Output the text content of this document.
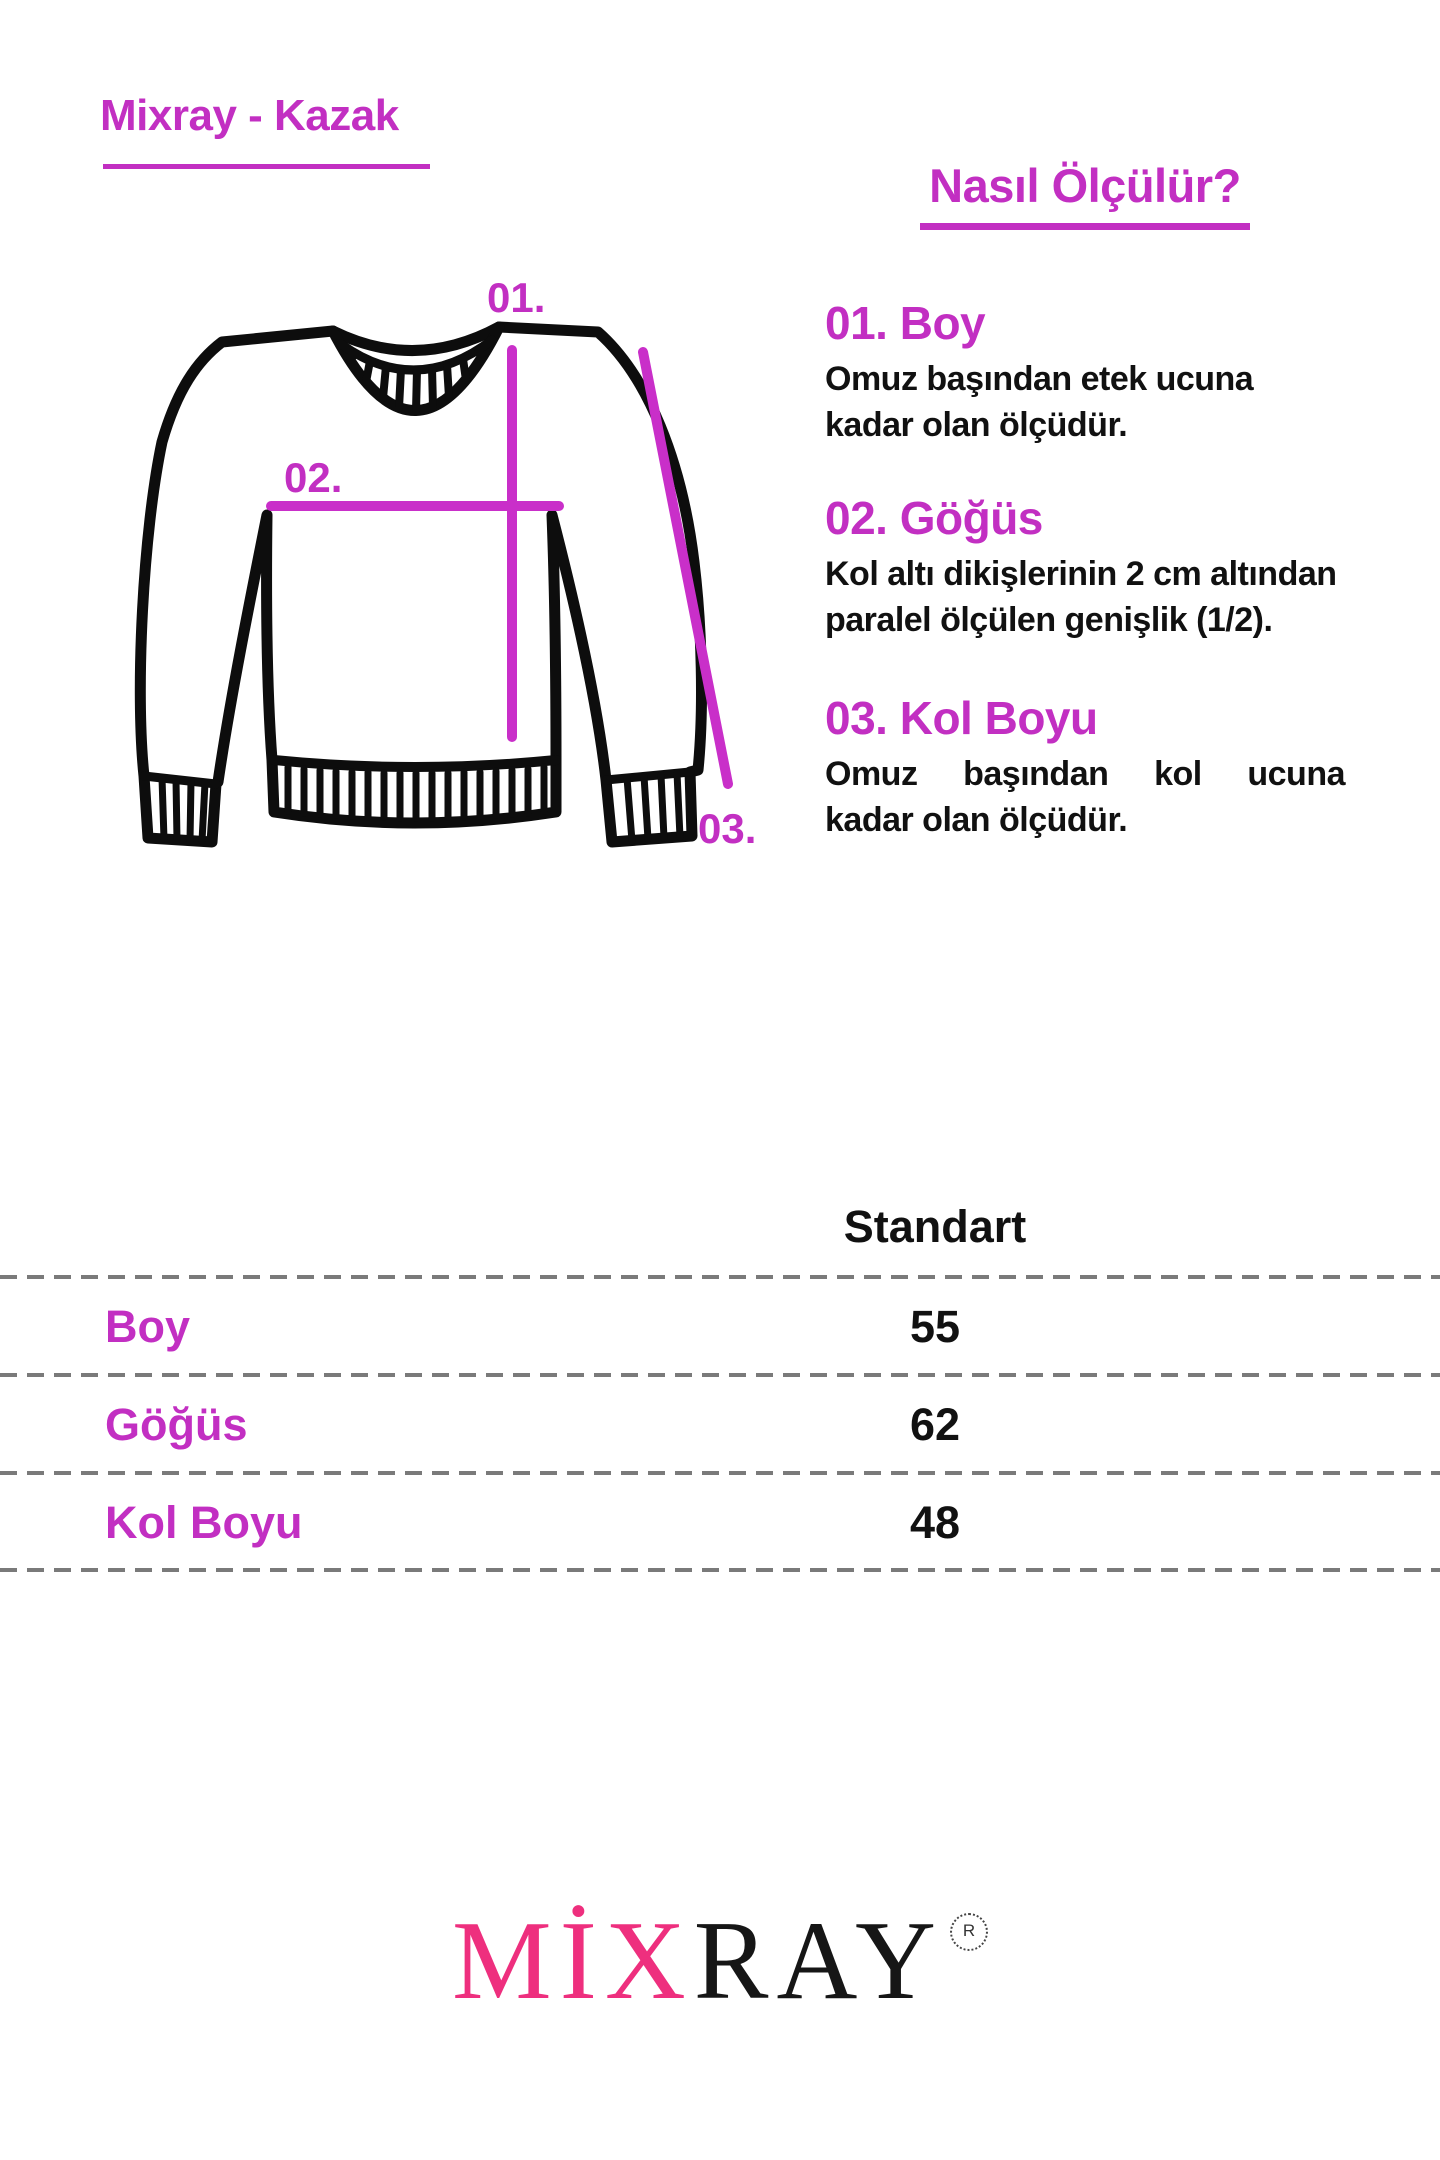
Mixray - Kazak
01.
02.
03.
Nasıl Ölçülür?
01. Boy
Omuz başından etek ucuna
kadar olan ölçüdür.
02. Göğüs
Kol altı dikişlerinin 2 cm altından
paralel ölçülen genişlik (1/2).
03. Kol Boyu
Omuz başından kol ucuna
kadar olan ölçüdür.
Standart
Boy	55
Göğüs	62
Kol Boyu	48
MİXRAY R
